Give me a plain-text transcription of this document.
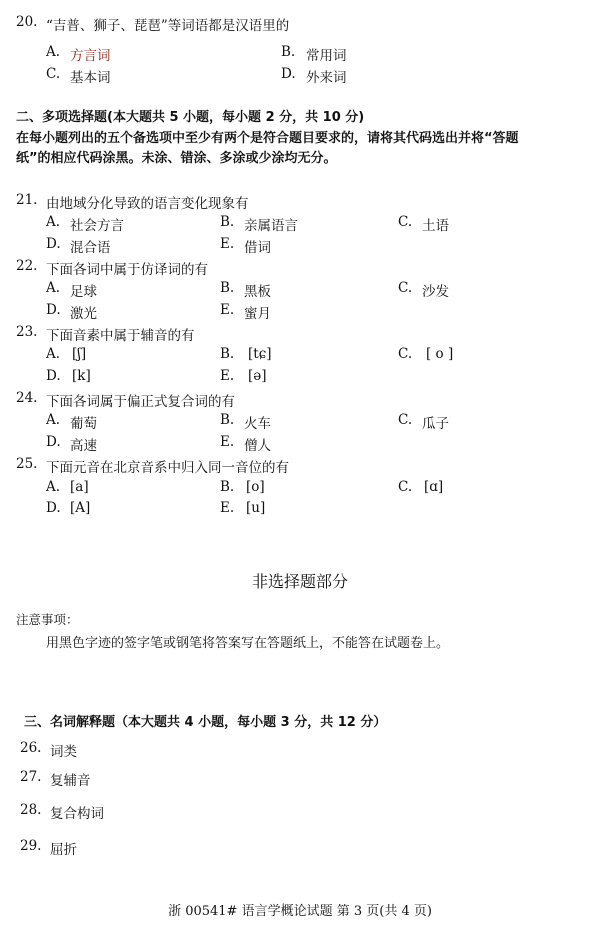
20. “吉普、狮子、琵琶”等词语都是汉语里的
A. 方言词	B. 常用词
C. 基本词	D. 外来词
二、多项选择题(本大题共 5 小题，每小题 2 分，共 10 分)
在每小题列出的五个备选项中至少有两个是符合题目要求的，请将其代码选出并将“答题
纸”的相应代码涂黑。未涂、错涂、多涂或少涂均无分。
21. 由地域分化导致的语言变化现象有
A. 社会方言	B. 亲属语言	C. 土语
D. 混合语	E. 借词
22. 下面各词中属于仿译词的有
A. 足球	B. 黑板	C. 沙发
D. 激光	E. 蜜月
23. 下面音素中属于辅音的有
A. [ʃ]	B. [tɕ]	C. [ o ]
D. [k]	E. [ə]
24. 下面各词属于偏正式复合词的有
A. 葡萄	B. 火车	C. 瓜子
D. 高速	E. 僧人
25. 下面元音在北京音系中归入同一音位的有
A. [a]	B. [o]	C. [ɑ]
D. [A]	E. [u]
非选择题部分
注意事项：
用黑色字迹的签字笔或钢笔将答案写在答题纸上，不能答在试题卷上。
三、名词解释题（本大题共 4 小题，每小题 3 分，共 12 分）
26. 词类
27. 复辅音
28. 复合构词
29. 屈折
浙 00541# 语言学概论试题 第 3 页(共 4 页)
